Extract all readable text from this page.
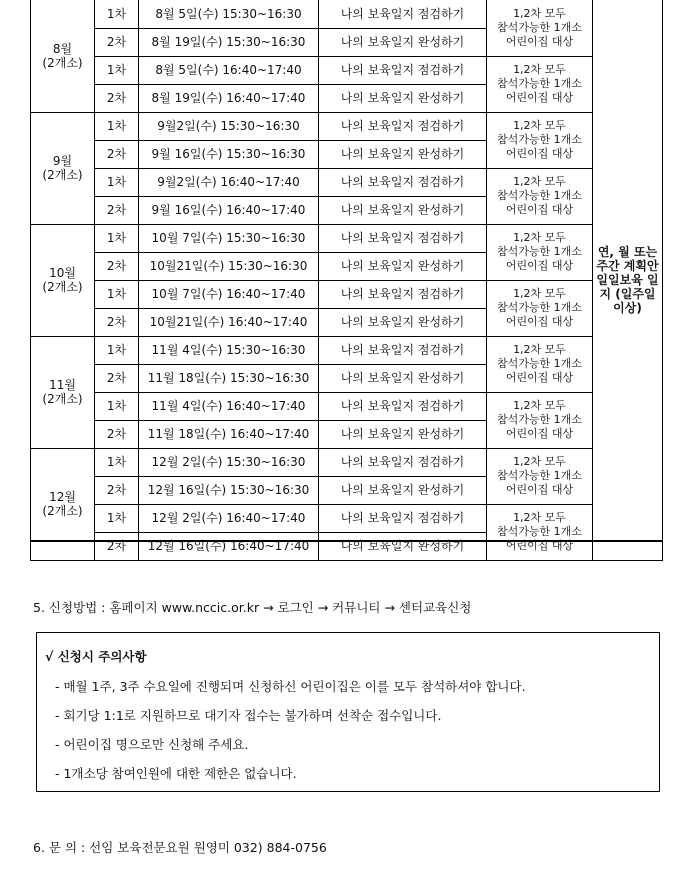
8월
(2개소)	1차	8월 5일(수) 15:30~16:30	나의 보육일지 점검하기	1,2차 모두
참석가능한 1개소
어린이집 대상	연, 월 또는 주간 계획안 일일보육 일지 (일주일 이상)
	2차	8월 19일(수) 15:30~16:30	나의 보육일지 완성하기		
	1차	8월 5일(수) 16:40~17:40	나의 보육일지 점검하기	1,2차 모두
참석가능한 1개소
어린이집 대상	
	2차	8월 19일(수) 16:40~17:40	나의 보육일지 완성하기		
9월
(2개소)	1차	9월2일(수) 15:30~16:30	나의 보육일지 점검하기	1,2차 모두
참석가능한 1개소
어린이집 대상	
	2차	9월 16일(수) 15:30~16:30	나의 보육일지 완성하기		
	1차	9월2일(수) 16:40~17:40	나의 보육일지 점검하기	1,2차 모두
참석가능한 1개소
어린이집 대상	
	2차	9월 16일(수) 16:40~17:40	나의 보육일지 완성하기		
10월
(2개소)	1차	10월 7일(수) 15:30~16:30	나의 보육일지 점검하기	1,2차 모두
참석가능한 1개소
어린이집 대상	
	2차	10월21일(수) 15:30~16:30	나의 보육일지 완성하기		
	1차	10월 7일(수) 16:40~17:40	나의 보육일지 점검하기	1,2차 모두
참석가능한 1개소
어린이집 대상	
	2차	10월21일(수) 16:40~17:40	나의 보육일지 완성하기		
11월
(2개소)	1차	11월 4일(수) 15:30~16:30	나의 보육일지 점검하기	1,2차 모두
참석가능한 1개소
어린이집 대상	
	2차	11월 18일(수) 15:30~16:30	나의 보육일지 완성하기		
	1차	11월 4일(수) 16:40~17:40	나의 보육일지 점검하기	1,2차 모두
참석가능한 1개소
어린이집 대상	
	2차	11월 18일(수) 16:40~17:40	나의 보육일지 완성하기		
12월
(2개소)	1차	12월 2일(수) 15:30~16:30	나의 보육일지 점검하기	1,2차 모두
참석가능한 1개소
어린이집 대상	
	2차	12월 16일(수) 15:30~16:30	나의 보육일지 완성하기		
	1차	12월 2일(수) 16:40~17:40	나의 보육일지 점검하기	1,2차 모두
참석가능한 1개소
어린이집 대상	
	2차	12월 16일(수) 16:40~17:40	나의 보육일지 완성하기		
5. 신청방법 : 홈페이지 www.nccic.or.kr → 로그인 → 커뮤니티 → 센터교육신청
√ 신청시 주의사항
- 매월 1주, 3주 수요일에 진행되며 신청하신 어린이집은 이를 모두 참석하셔야 합니다.
- 회기당 1:1로 지원하므로 대기자 접수는 불가하며 선착순 접수입니다.
- 어린이집 명으로만 신청해 주세요.
- 1개소당 참여인원에 대한 제한은 없습니다.
6. 문 의 : 선임 보육전문요원 원영미 032) 884-0756
